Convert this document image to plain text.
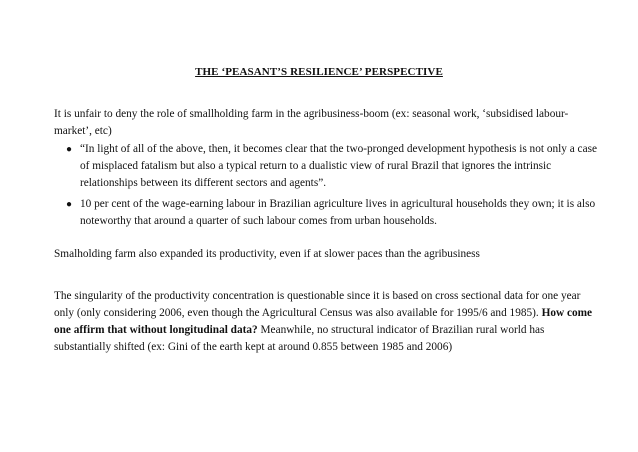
THE ‘PEASANT’S RESILIENCE’ PERSPECTIVE
It is unfair to deny the role of smallholding farm in the agribusiness-boom (ex: seasonal work, ‘subsidised labour-market’, etc)
● “In light of all of the above, then, it becomes clear that the two-pronged development hypothesis is not only a case of misplaced fatalism but also a typical return to a dualistic view of rural Brazil that ignores the intrinsic relationships between its different sectors and agents”.
● 10 per cent of the wage-earning labour in Brazilian agriculture lives in agricultural households they own; it is also noteworthy that around a quarter of such labour comes from urban households.
Smalholding farm also expanded its productivity, even if at slower paces than the agribusiness
The singularity of the productivity concentration is questionable since it is based on cross sectional data for one year only (only considering 2006, even though the Agricultural Census was also available for 1995/6 and 1985). How come one affirm that without longitudinal data? Meanwhile, no structural indicator of Brazilian rural world has substantially shifted (ex: Gini of the earth kept at around 0.855 between 1985 and 2006)
